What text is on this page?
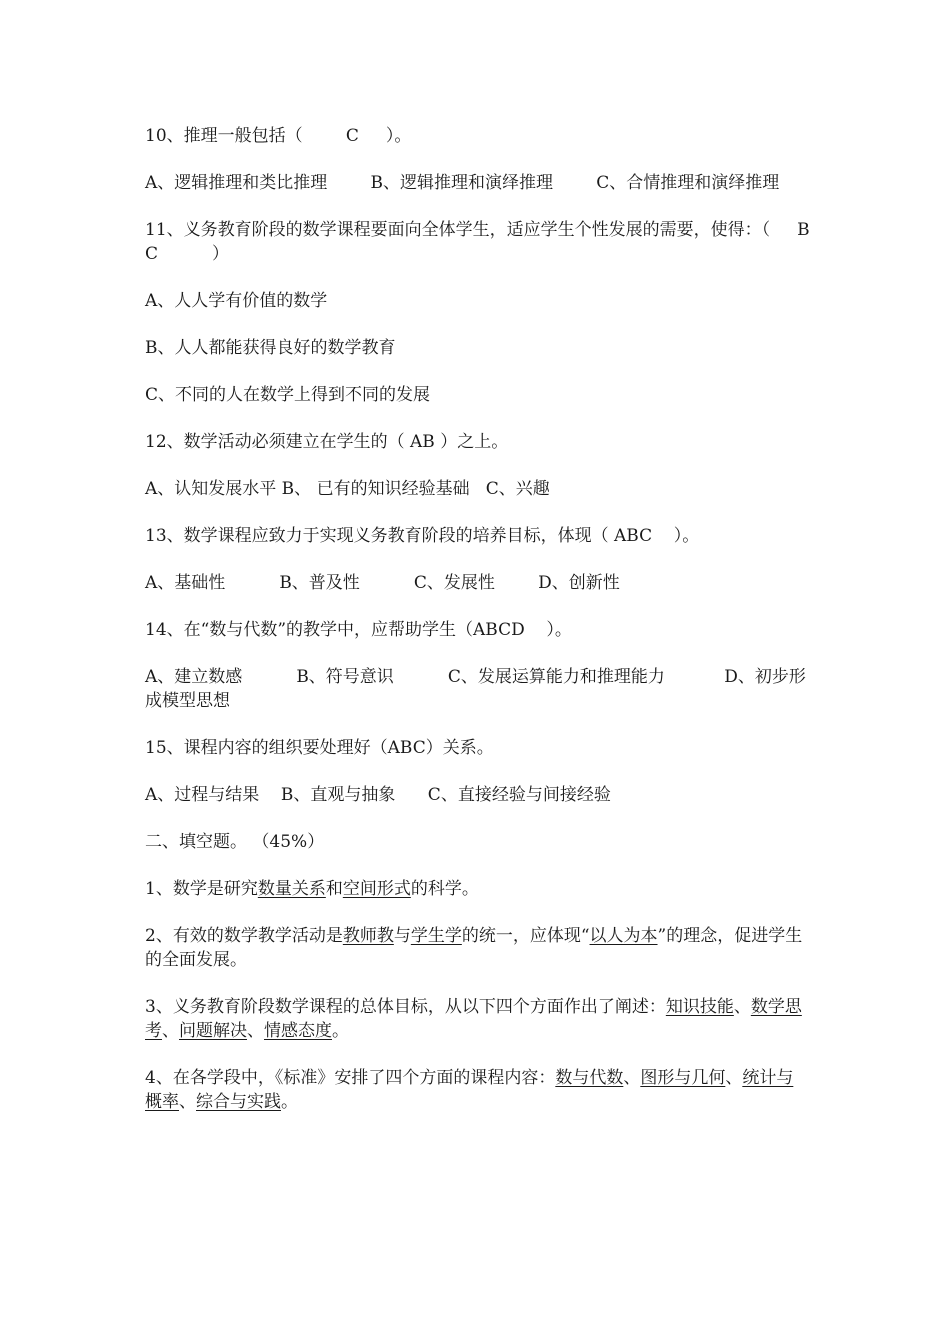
10、推理一般包括（        C     ）。

A、逻辑推理和类比推理        B、逻辑推理和演绎推理        C、合情推理和演绎推理

11、义务教育阶段的数学课程要面向全体学生，适应学生个性发展的需要，使得：（     BC          ）

A、人人学有价值的数学

B、人人都能获得良好的数学教育

C、不同的人在数学上得到不同的发展

12、数学活动必须建立在学生的（ AB ）之上。

A、认知发展水平 B、 已有的知识经验基础   C、兴趣

13、数学课程应致力于实现义务教育阶段的培养目标，体现（ ABC    ）。

A、基础性          B、普及性          C、发展性        D、创新性

14、在“数与代数”的教学中，应帮助学生（ABCD    ）。

A、建立数感          B、符号意识          C、发展运算能力和推理能力           D、初步形成模型思想

15、课程内容的组织要处理好（ABC）关系。

A、过程与结果    B、直观与抽象      C、直接经验与间接经验

二、填空题。 （45%）

1、数学是研究数量关系和空间形式的科学。

2、有效的数学教学活动是教师教与学生学的统一，应体现“以人为本”的理念，促进学生的全面发展。

3、义务教育阶段数学课程的总体目标，从以下四个方面作出了阐述：知识技能、数学思考、问题解决、情感态度。

4、在各学段中，《标准》安排了四个方面的课程内容：数与代数、图形与几何、统计与概率、综合与实践。
